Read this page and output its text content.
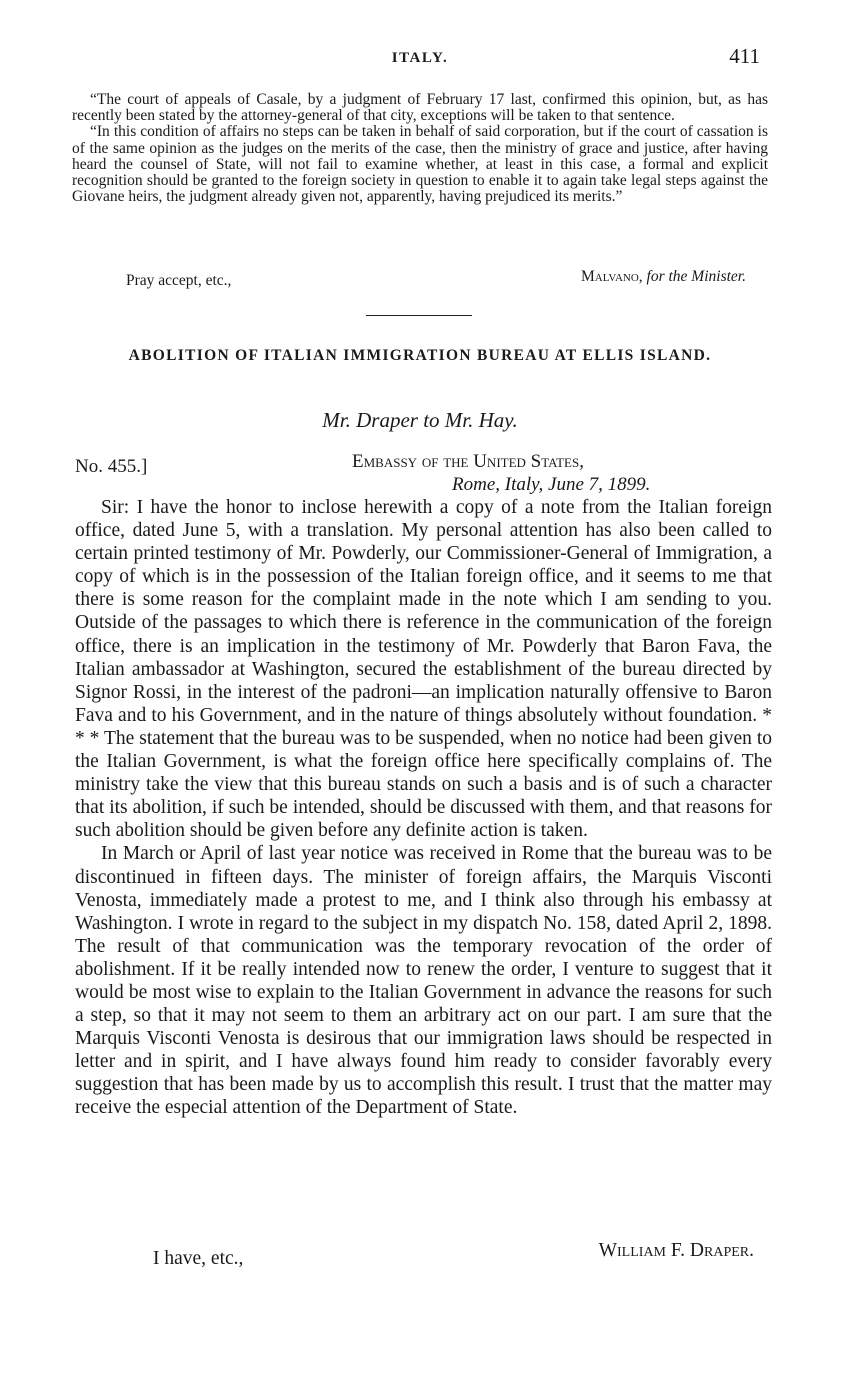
ITALY.	411

“The court of appeals of Casale, by a judgment of February 17 last, confirmed this opinion, but, as has recently been stated by the attorney-general of that city, exceptions will be taken to that sentence.

“In this condition of affairs no steps can be taken in behalf of said corporation, but if the court of cassation is of the same opinion as the judges on the merits of the case, then the ministry of grace and justice, after having heard the counsel of State, will not fail to examine whether, at least in this case, a formal and explicit recognition should be granted to the foreign society in question to enable it to again take legal steps against the Giovane heirs, the judgment already given not, apparently, having prejudiced its merits.”

Pray accept, etc.,	Malvano, for the Minister.
ABOLITION OF ITALIAN IMMIGRATION BUREAU AT ELLIS ISLAND.
Mr. Draper to Mr. Hay.
No. 455.]	Embassy of the United States,
Rome, Italy, June 7, 1899.

Sir: I have the honor to inclose herewith a copy of a note from the Italian foreign office, dated June 5, with a translation. My personal attention has also been called to certain printed testimony of Mr. Powderly, our Commissioner-General of Immigration, a copy of which is in the possession of the Italian foreign office, and it seems to me that there is some reason for the complaint made in the note which I am sending to you. Outside of the passages to which there is reference in the communication of the foreign office, there is an implication in the testimony of Mr. Powderly that Baron Fava, the Italian ambassador at Washington, secured the establishment of the bureau directed by Signor Rossi, in the interest of the padroni—an implication naturally offensive to Baron Fava and to his Government, and in the nature of things absolutely without foundation. * * * The statement that the bureau was to be suspended, when no notice had been given to the Italian Government, is what the foreign office here specifically complains of. The ministry take the view that this bureau stands on such a basis and is of such a character that its abolition, if such be intended, should be discussed with them, and that reasons for such abolition should be given before any definite action is taken.

In March or April of last year notice was received in Rome that the bureau was to be discontinued in fifteen days. The minister of foreign affairs, the Marquis Visconti Venosta, immediately made a protest to me, and I think also through his embassy at Washington. I wrote in regard to the subject in my dispatch No. 158, dated April 2, 1898. The result of that communication was the temporary revocation of the order of abolishment. If it be really intended now to renew the order, I venture to suggest that it would be most wise to explain to the Italian Government in advance the reasons for such a step, so that it may not seem to them an arbitrary act on our part. I am sure that the Marquis Visconti Venosta is desirous that our immigration laws should be respected in letter and in spirit, and I have always found him ready to consider favorably every suggestion that has been made by us to accomplish this result. I trust that the matter may receive the especial attention of the Department of State.

I have, etc.,	William F. Draper.
